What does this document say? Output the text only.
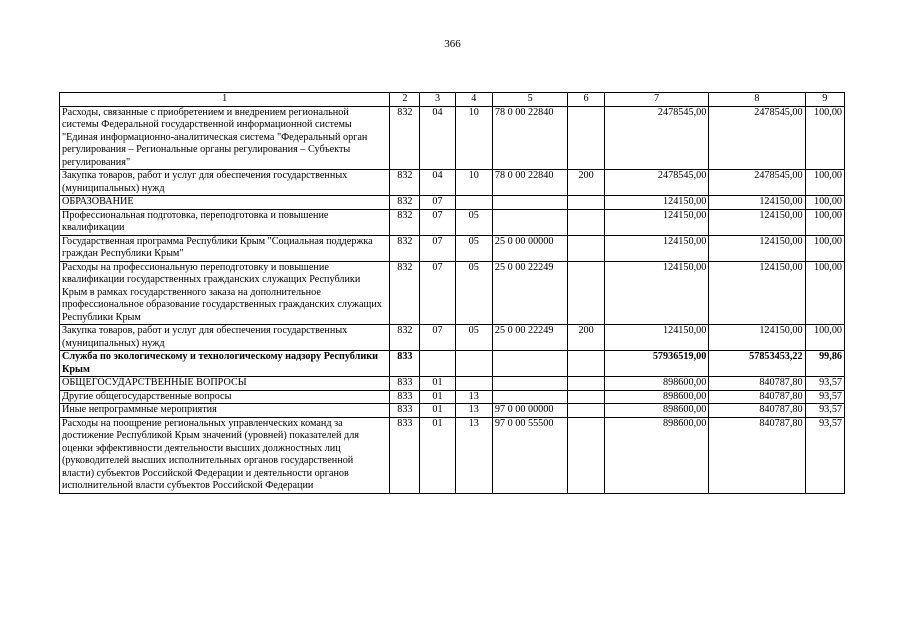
366
1	2	3	4	5	6	7	8	9
Расходы, связанные с приобретением и внедрением региональной системы Федеральной государственной информационной системы "Единая информационно-аналитическая система "Федеральный орган регулирования – Региональные органы регулирования – Субъекты регулирования"	832	04	10	78 0 00 22840		2478545,00	2478545,00	100,00
Закупка товаров, работ и услуг для обеспечения государственных (муниципальных) нужд	832	04	10	78 0 00 22840	200	2478545,00	2478545,00	100,00
ОБРАЗОВАНИЕ	832	07				124150,00	124150,00	100,00
Профессиональная подготовка, переподготовка и повышение квалификации	832	07	05			124150,00	124150,00	100,00
Государственная программа Республики Крым "Социальная поддержка граждан Республики Крым"	832	07	05	25 0 00 00000		124150,00	124150,00	100,00
Расходы на профессиональную переподготовку и повышение квалификации государственных гражданских служащих Республики Крым в рамках государственного заказа на дополнительное профессиональное образование государственных гражданских служащих Республики Крым	832	07	05	25 0 00 22249		124150,00	124150,00	100,00
Закупка товаров, работ и услуг для обеспечения государственных (муниципальных) нужд	832	07	05	25 0 00 22249	200	124150,00	124150,00	100,00
Служба по экологическому и технологическому надзору Республики Крым	833					57936519,00	57853453,22	99,86
ОБЩЕГОСУДАРСТВЕННЫЕ ВОПРОСЫ	833	01				898600,00	840787,80	93,57
Другие общегосударственные вопросы	833	01	13			898600,00	840787,80	93,57
Иные непрограммные мероприятия	833	01	13	97 0 00 00000		898600,00	840787,80	93,57
Расходы на поощрение региональных управленческих команд за достижение Республикой Крым значений (уровней) показателей для оценки эффективности деятельности высших должностных лиц (руководителей высших исполнительных органов государственной власти) субъектов Российской Федерации и деятельности органов исполнительной власти субъектов Российской Федерации	833	01	13	97 0 00 55500		898600,00	840787,80	93,57
